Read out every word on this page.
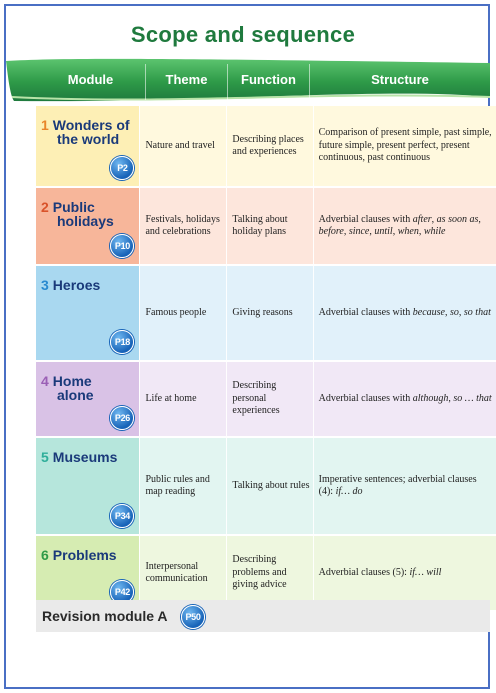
Scope and sequence
Module	Theme	Function	Structure
1 Wonders of
the world
P2	Nature and travel	Describing places and experiences	Comparison of present simple, past simple, future simple, present perfect, present continuous, past continuous

2 Public
holidays
P10	Festivals, holidays and celebrations	Talking about holiday plans	Adverbial clauses with after, as soon as, before, since, until, when, while

3 Heroes
P18	Famous people	Giving reasons	Adverbial clauses with because, so, so that

4 Home
alone
P26	Life at home	Describing personal experiences	Adverbial clauses with although, so … that

5 Museums
P34	Public rules and map reading	Talking about rules	Imperative sentences; adverbial clauses (4): if… do

6 Problems
P42	Interpersonal communication	Describing problems and giving advice	Adverbial clauses (5): if… will
Revision module A	P50
